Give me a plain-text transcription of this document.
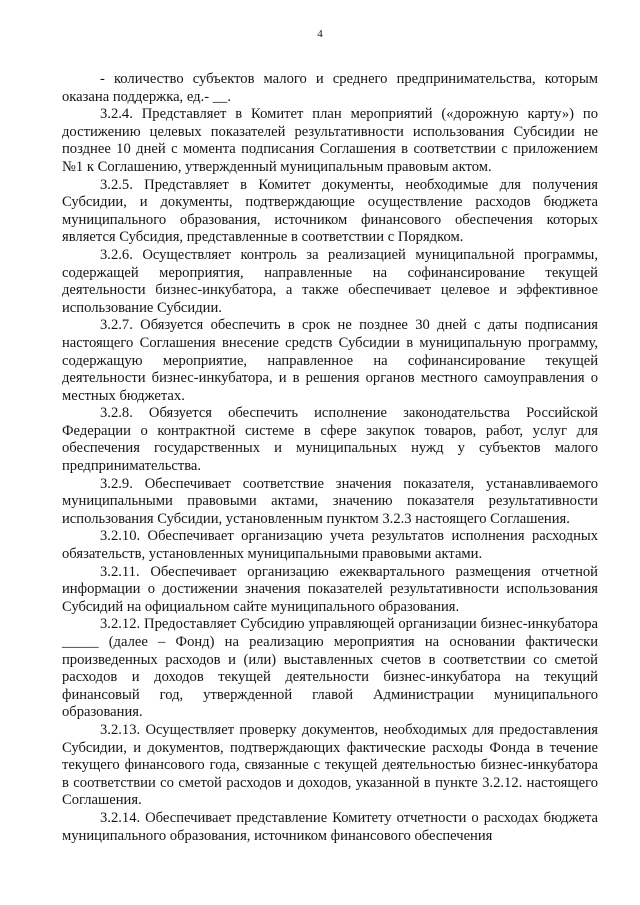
4

- количество субъектов малого и среднего предпринимательства, которым оказана поддержка, ед.- __.

3.2.4. Представляет в Комитет план мероприятий («дорожную карту») по достижению целевых показателей результативности использования Субсидии не позднее 10 дней с момента подписания Соглашения в соответствии с приложением №1 к Соглашению, утвержденный муниципальным правовым актом.

3.2.5. Представляет в Комитет документы, необходимые для получения Субсидии, и документы, подтверждающие осуществление расходов бюджета муниципального образования, источником финансового обеспечения которых является Субсидия, представленные в соответствии с Порядком.

3.2.6. Осуществляет контроль за реализацией муниципальной программы, содержащей мероприятия, направленные на софинансирование текущей деятельности бизнес-инкубатора, а также обеспечивает целевое и эффективное использование Субсидии.

3.2.7. Обязуется обеспечить в срок не позднее 30 дней с даты подписания настоящего Соглашения внесение средств Субсидии в муниципальную программу, содержащую мероприятие, направленное на софинансирование текущей деятельности бизнес-инкубатора, и в решения органов местного самоуправления о местных бюджетах.

3.2.8. Обязуется обеспечить исполнение законодательства Российской Федерации о контрактной системе в сфере закупок товаров, работ, услуг для обеспечения государственных и муниципальных нужд у субъектов малого предпринимательства.

3.2.9. Обеспечивает соответствие значения показателя, устанавливаемого муниципальными правовыми актами, значению показателя результативности использования Субсидии, установленным пунктом 3.2.3 настоящего Соглашения.

3.2.10. Обеспечивает организацию учета результатов исполнения расходных обязательств, установленных муниципальными правовыми актами.

3.2.11. Обеспечивает организацию ежеквартального размещения отчетной информации о достижении значения показателей результативности использования Субсидий на официальном сайте муниципального образования.

3.2.12. Предоставляет Субсидию управляющей организации бизнес-инкубатора _____ (далее – Фонд) на реализацию мероприятия на основании фактически произведенных расходов и (или) выставленных счетов в соответствии со сметой расходов и доходов текущей деятельности бизнес-инкубатора на текущий финансовый год, утвержденной главой Администрации муниципального образования.

3.2.13. Осуществляет проверку документов, необходимых для предоставления Субсидии, и документов, подтверждающих фактические расходы Фонда в течение текущего финансового года, связанные с текущей деятельностью бизнес-инкубатора в соответствии со сметой расходов и доходов, указанной в пункте 3.2.12. настоящего Соглашения.

3.2.14. Обеспечивает представление Комитету отчетности о расходах бюджета муниципального образования, источником финансового обеспечения
